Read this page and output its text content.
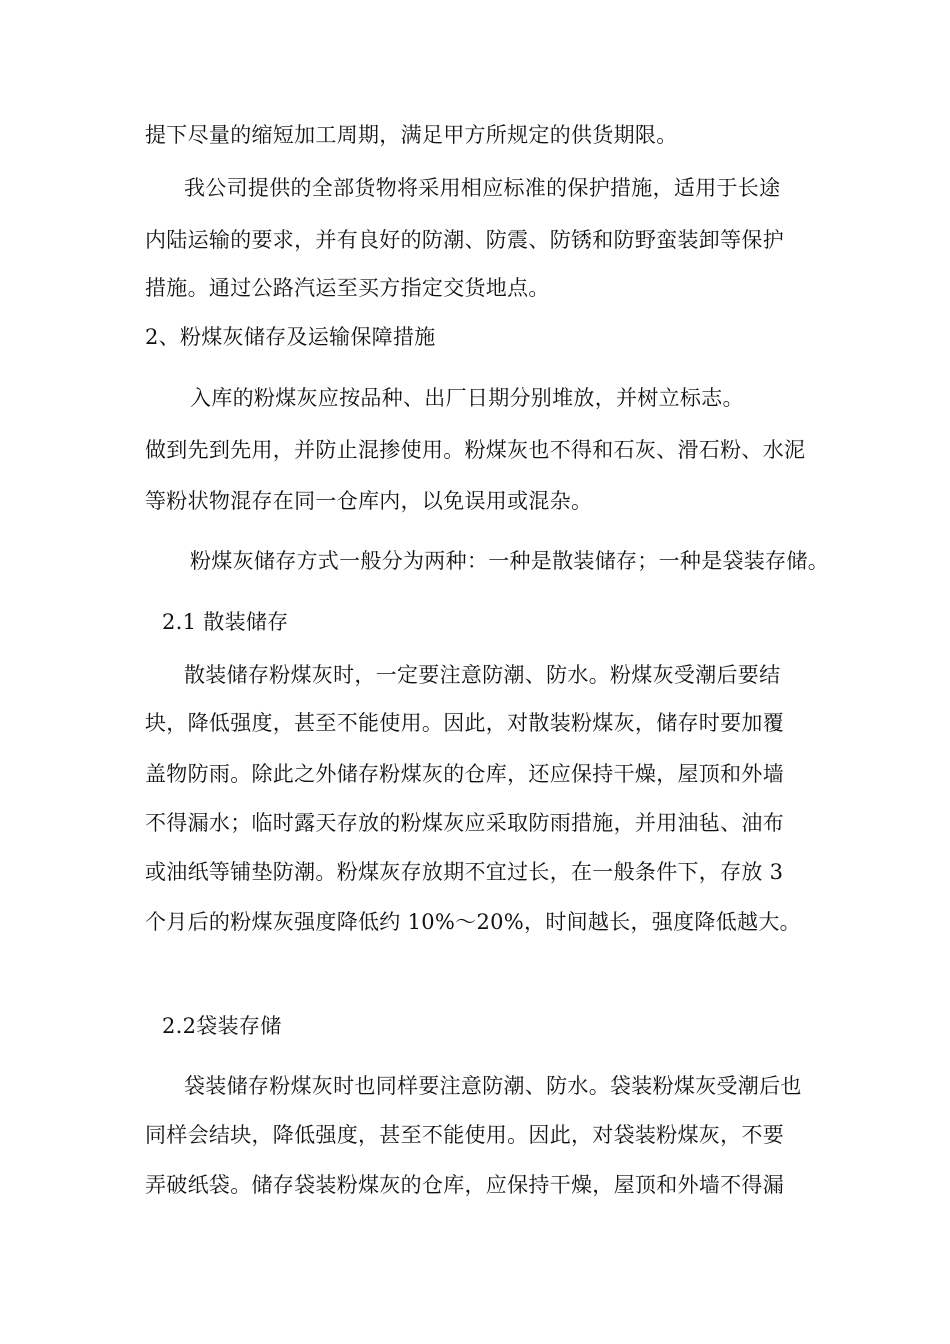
提下尽量的缩短加工周期，满足甲方所规定的供货期限。
我公司提供的全部货物将采用相应标准的保护措施，适用于长途
内陆运输的要求，并有良好的防潮、防震、防锈和防野蛮装卸等保护
措施。通过公路汽运至买方指定交货地点。
2、粉煤灰储存及运输保障措施
入库的粉煤灰应按品种、出厂日期分别堆放，并树立标志。
做到先到先用，并防止混掺使用。粉煤灰也不得和石灰、滑石粉、水泥
等粉状物混存在同一仓库内，以免误用或混杂。
粉煤灰储存方式一般分为两种：一种是散装储存；一种是袋装存储。
2.1 散装储存
散装储存粉煤灰时，一定要注意防潮、防水。粉煤灰受潮后要结
块，降低强度，甚至不能使用。因此，对散装粉煤灰，储存时要加覆
盖物防雨。除此之外储存粉煤灰的仓库，还应保持干燥，屋顶和外墙
不得漏水；临时露天存放的粉煤灰应采取防雨措施，并用油毡、油布
或油纸等铺垫防潮。粉煤灰存放期不宜过长，在一般条件下，存放 3
个月后的粉煤灰强度降低约 10%～20%，时间越长，强度降低越大。
2.2袋装存储
袋装储存粉煤灰时也同样要注意防潮、防水。袋装粉煤灰受潮后也
同样会结块，降低强度，甚至不能使用。因此，对袋装粉煤灰，不要
弄破纸袋。储存袋装粉煤灰的仓库，应保持干燥，屋顶和外墙不得漏
